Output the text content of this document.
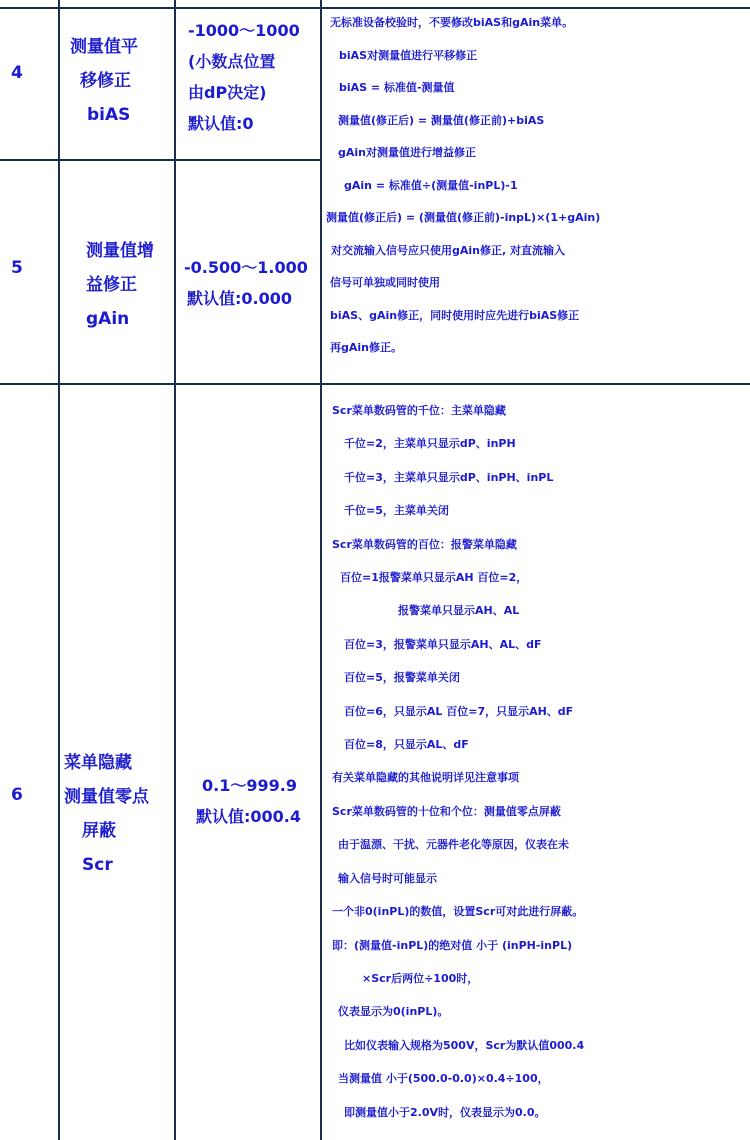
4
测量值平
移修正
biAS
-1000～1000
(小数点位置
由dP决定)
默认值:0
5
测量值增
益修正
gAin
-0.500～1.000
默认值:0.000
无标准设备校验时，不要修改biAS和gAin菜单。
biAS对测量值进行平移修正
biAS = 标准值-测量值
测量值(修正后) = 测量值(修正前)+biAS
gAin对测量值进行增益修正
gAin = 标准值÷(测量值-inPL)-1
测量值(修正后) = (测量值(修正前)-inpL)×(1+gAin)
对交流输入信号应只使用gAin修正, 对直流输入
信号可单独或同时使用
biAS、gAin修正，同时使用时应先进行biAS修正
再gAin修正。
6
菜单隐藏
测量值零点
屏蔽
Scr
0.1～999.9
默认值:000.4
Scr菜单数码管的千位：主菜单隐藏
千位=2，主菜单只显示dP、inPH
千位=3，主菜单只显示dP、inPH、inPL
千位=5，主菜单关闭
Scr菜单数码管的百位：报警菜单隐藏
百位=1报警菜单只显示AH 百位=2，
报警菜单只显示AH、AL
百位=3，报警菜单只显示AH、AL、dF
百位=5，报警菜单关闭
百位=6，只显示AL 百位=7，只显示AH、dF
百位=8，只显示AL、dF
有关菜单隐藏的其他说明详见注意事项
Scr菜单数码管的十位和个位：测量值零点屏蔽
由于温漂、干扰、元器件老化等原因，仪表在未
输入信号时可能显示
一个非0(inPL)的数值，设置Scr可对此进行屏蔽。
即：(测量值-inPL)的绝对值 小于 (inPH-inPL)
×Scr后两位÷100时，
仪表显示为0(inPL)。
比如仪表输入规格为500V，Scr为默认值000.4
当测量值 小于(500.0-0.0)×0.4÷100，
即测量值小于2.0V时，仪表显示为0.0。
